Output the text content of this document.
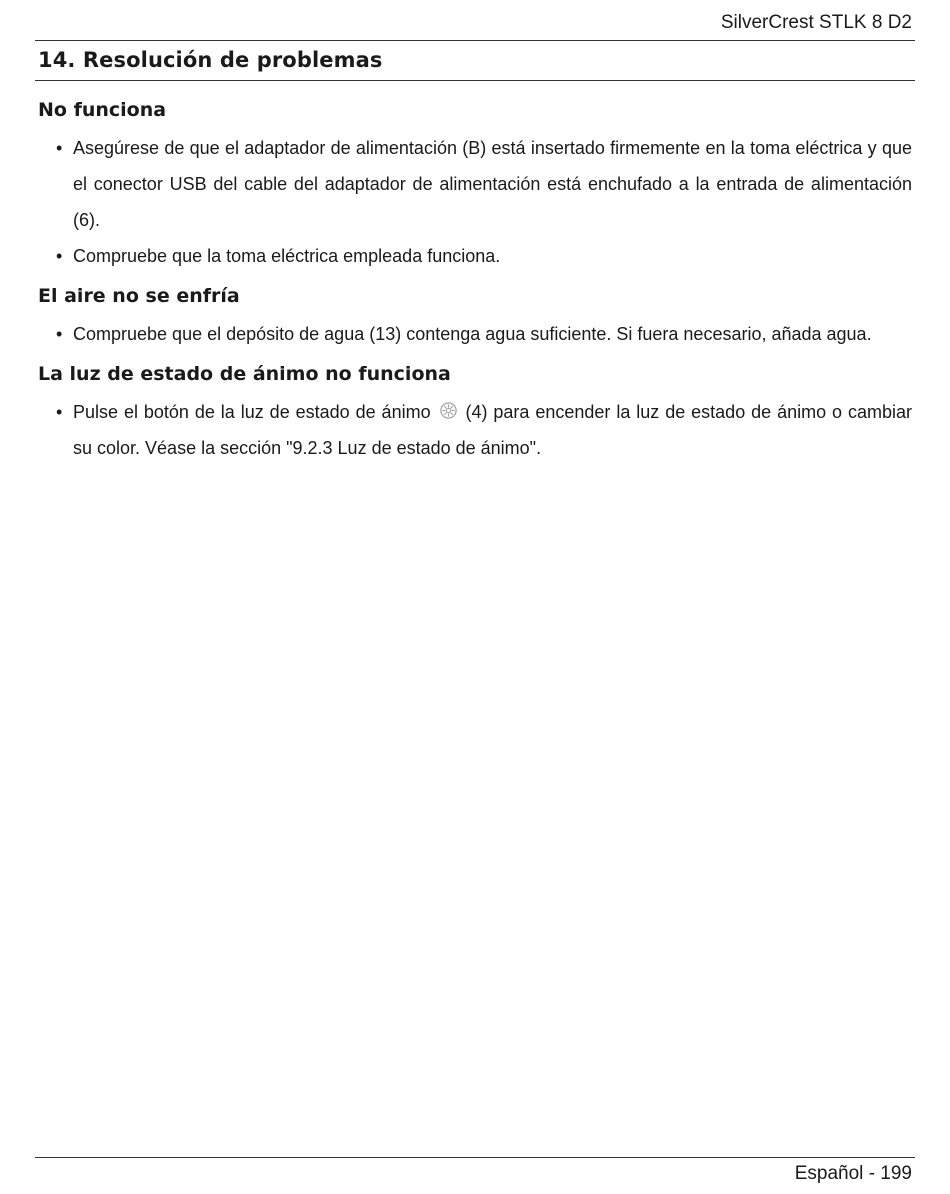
SilverCrest STLK 8 D2
14. Resolución de problemas
No funciona
• Asegúrese de que el adaptador de alimentación (B) está insertado firmemente en la toma eléctrica y que el conector USB del cable del adaptador de alimentación está enchufado a la entrada de alimentación (6).
• Compruebe que la toma eléctrica empleada funciona.
El aire no se enfría
• Compruebe que el depósito de agua (13) contenga agua suficiente. Si fuera necesario, añada agua.
La luz de estado de ánimo no funciona
• Pulse el botón de la luz de estado de ánimo (4) para encender la luz de estado de ánimo o cambiar su color. Véase la sección "9.2.3 Luz de estado de ánimo".
Español - 199
